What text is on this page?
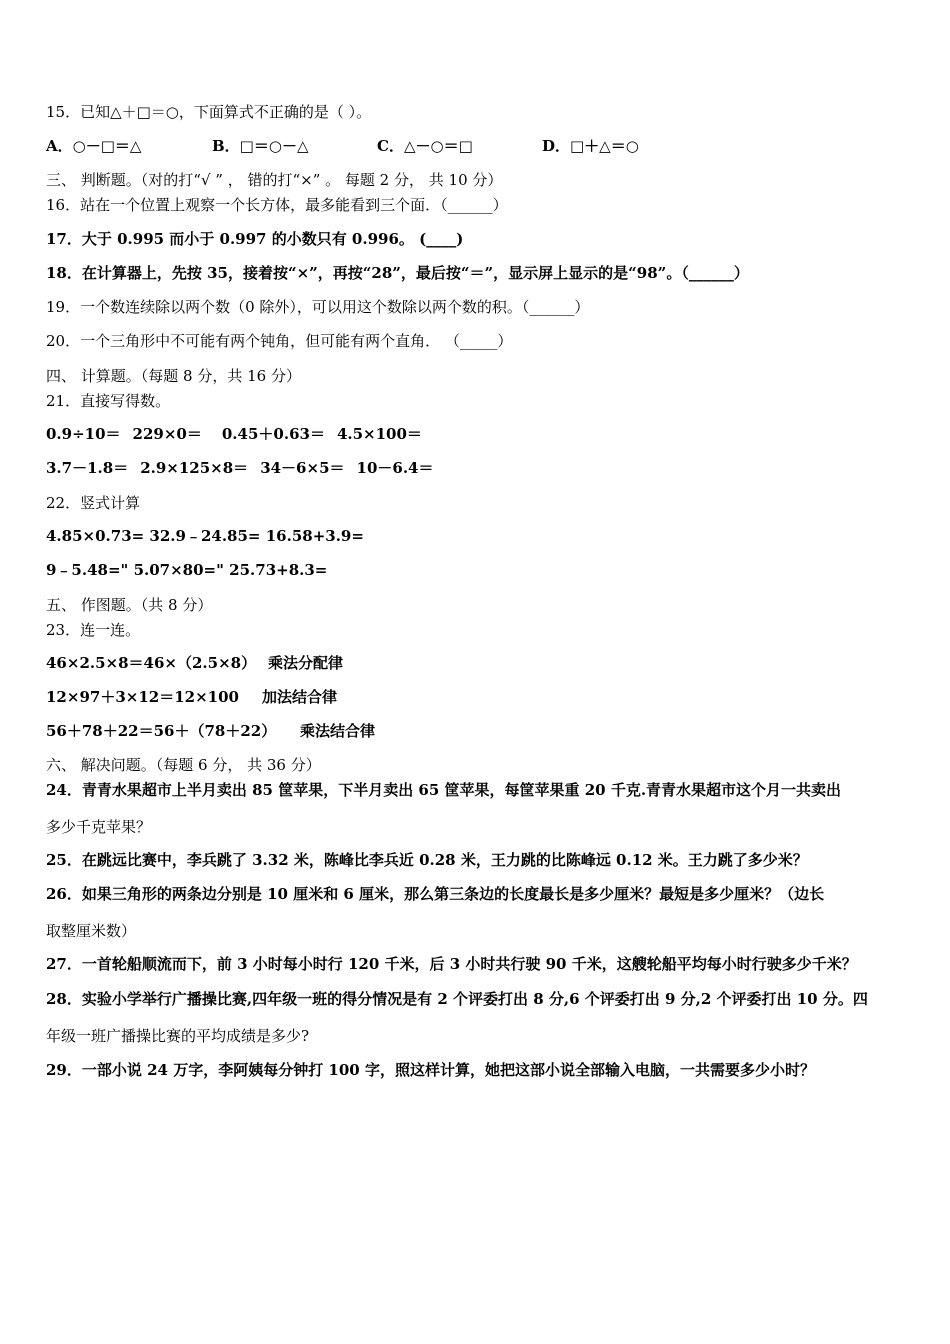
15．已知△＋□＝○，下面算式不正确的是（ ）。
A．○－□＝△	B．□＝○－△	C．△－○＝□	D．□＋△＝○
三、 判断题。（对的打“√ ” ， 错的打“×” 。 每题 2 分， 共 10 分）
16．站在一个位置上观察一个长方体，最多能看到三个面．（______）
17．大于 0.995 而小于 0.997 的小数只有 0.996。 (____)
18．在计算器上，先按 35，接着按“×”，再按“28”，最后按“＝”，显示屏上显示的是“98”。（______）
19．一个数连续除以两个数（0 除外），可以用这个数除以两个数的积。（______）
20．一个三角形中不可能有两个钝角，但可能有两个直角． （_____）
四、 计算题。（每题 8 分，共 16 分）
21．直接写得数。
0.9÷10＝ 229×0＝ 0.45＋0.63＝ 4.5×100＝
3.7－1.8＝ 2.9×125×8＝ 34－6×5＝ 10－6.4＝
22．竖式计算
4.85×0.73= 32.9﹣24.85= 16.58+3.9=
9﹣5.48=" 5.07×80=" 25.73+8.3=
五、 作图题。（共 8 分）
23．连一连。
46×2.5×8＝46×（2.5×8） 乘法分配律
12×97＋3×12＝12×100 加法结合律
56＋78＋22＝56＋（78＋22） 乘法结合律
六、 解决问题。（每题 6 分， 共 36 分）
24．青青水果超市上半月卖出 85 筐苹果，下半月卖出 65 筐苹果，每筐苹果重 20 千克.青青水果超市这个月一共卖出
多少千克苹果？
25．在跳远比赛中，李兵跳了 3.32 米，陈峰比李兵近 0.28 米，王力跳的比陈峰远 0.12 米。王力跳了多少米？
26．如果三角形的两条边分别是 10 厘米和 6 厘米，那么第三条边的长度最长是多少厘米？最短是多少厘米？（边长
取整厘米数）
27．一首轮船顺流而下，前 3 小时每小时行 120 千米，后 3 小时共行驶 90 千米，这艘轮船平均每小时行驶多少千米？
28．实验小学举行广播操比赛,四年级一班的得分情况是有 2 个评委打出 8 分,6 个评委打出 9 分,2 个评委打出 10 分。四
年级一班广播操比赛的平均成绩是多少?
29．一部小说 24 万字，李阿姨每分钟打 100 字，照这样计算，她把这部小说全部输入电脑，一共需要多少小时？
